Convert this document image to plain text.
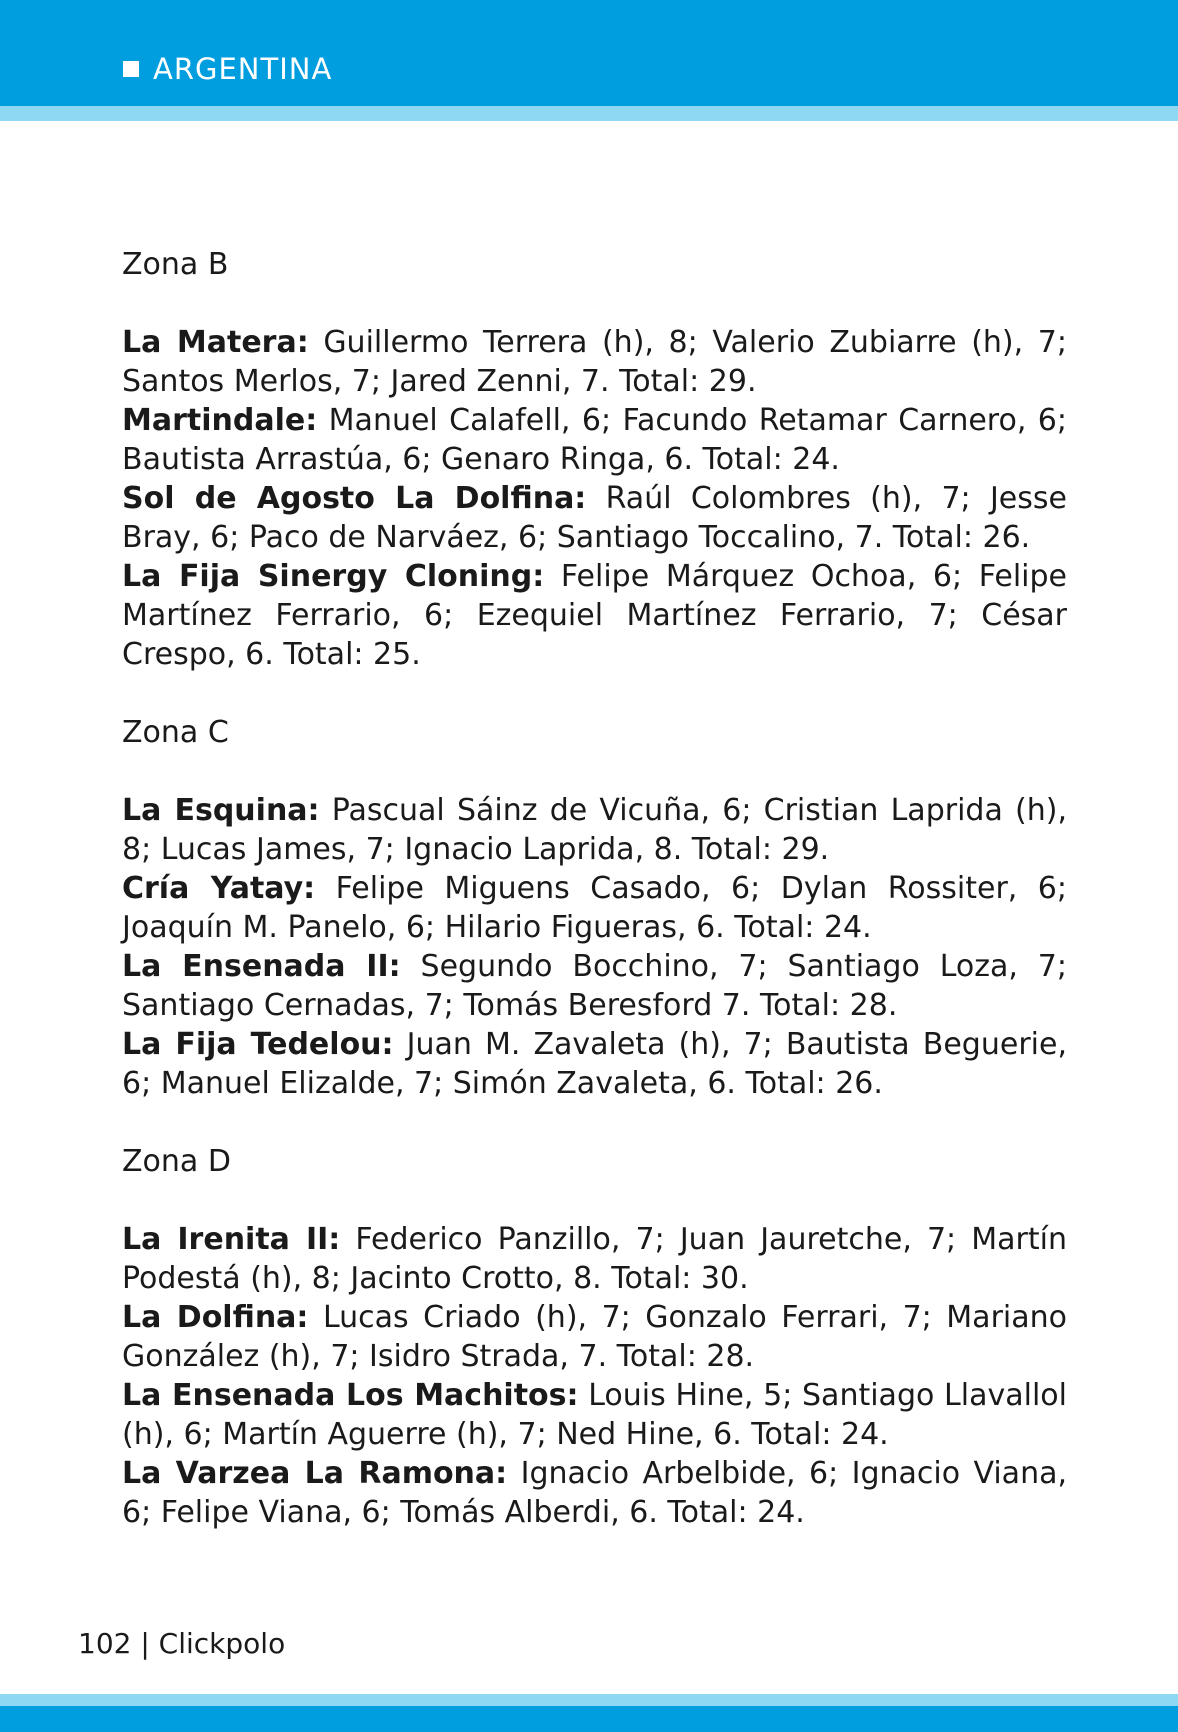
ARGENTINA
Zona B

La Matera: Guillermo Terrera (h), 8; Valerio Zubiarre (h), 7; Santos Merlos, 7; Jared Zenni, 7. Total: 29.

Martindale: Manuel Calafell, 6; Facundo Retamar Carnero, 6; Bautista Arrastúa, 6; Genaro Ringa, 6. Total: 24.

Sol de Agosto La Dolfina: Raúl Colombres (h), 7; Jesse Bray, 6; Paco de Narváez, 6; Santiago Toccalino, 7. Total: 26.

La Fija Sinergy Cloning: Felipe Márquez Ochoa, 6; Felipe Martínez Ferrario, 6; Ezequiel Martínez Ferrario, 7; César Crespo, 6. Total: 25.

Zona C

La Esquina: Pascual Sáinz de Vicuña, 6; Cristian Laprida (h), 8; Lucas James, 7; Ignacio Laprida, 8. Total: 29.

Cría Yatay: Felipe Miguens Casado, 6; Dylan Rossiter, 6; Joaquín M. Panelo, 6; Hilario Figueras, 6. Total: 24.

La Ensenada II: Segundo Bocchino, 7; Santiago Loza, 7; Santiago Cernadas, 7; Tomás Beresford 7. Total: 28.

La Fija Tedelou: Juan M. Zavaleta (h), 7; Bautista Beguerie, 6; Manuel Elizalde, 7; Simón Zavaleta, 6. Total: 26.

Zona D

La Irenita II: Federico Panzillo, 7; Juan Jauretche, 7; Martín Podestá (h), 8; Jacinto Crotto, 8. Total: 30.

La Dolfina: Lucas Criado (h), 7; Gonzalo Ferrari, 7; Mariano González (h), 7; Isidro Strada, 7. Total: 28.

La Ensenada Los Machitos: Louis Hine, 5; Santiago Llavallol (h), 6; Martín Aguerre (h), 7; Ned Hine, 6. Total: 24.

La Varzea La Ramona: Ignacio Arbelbide, 6; Ignacio Viana, 6; Felipe Viana, 6; Tomás Alberdi, 6. Total: 24.

102 | Clickpolo
